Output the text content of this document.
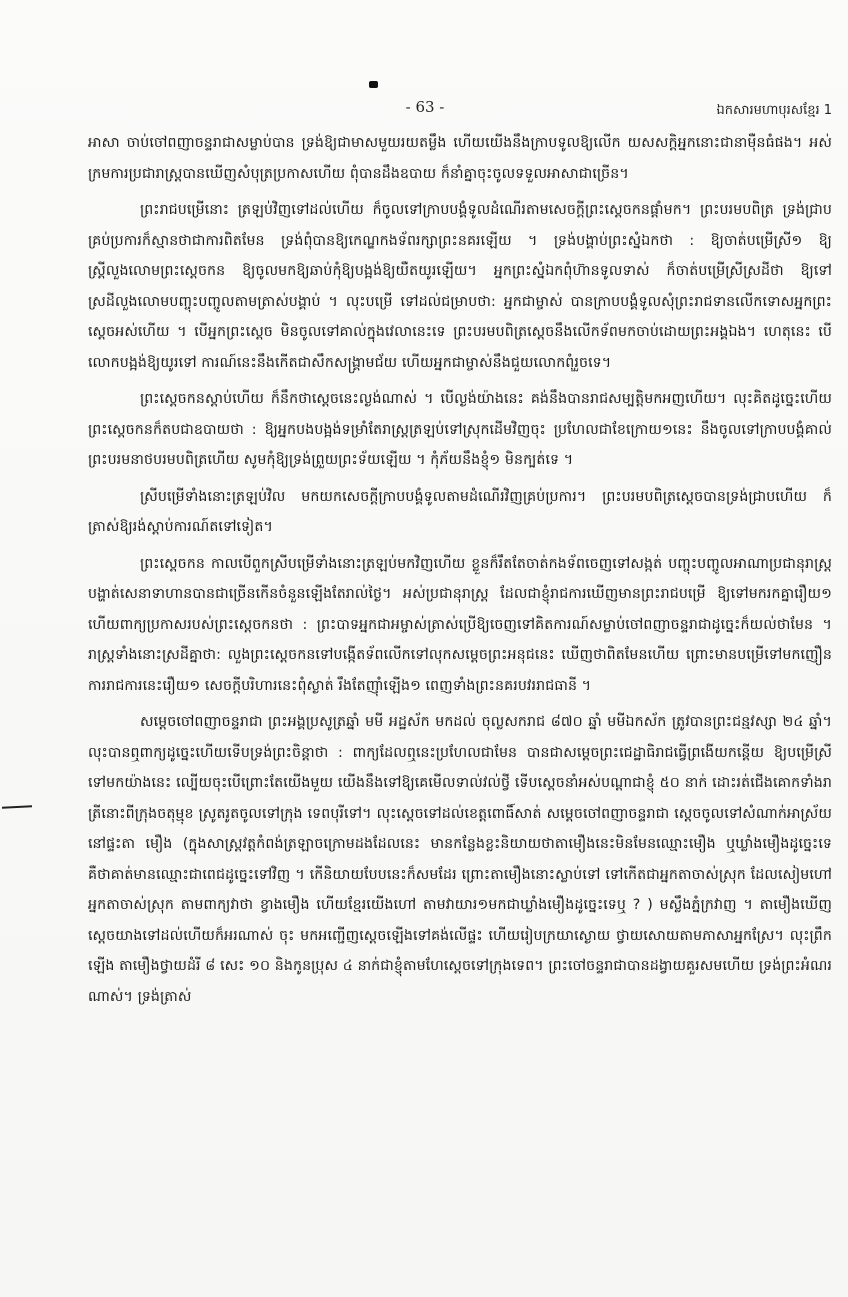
- 63 -	ឯកសារមហាបុរសខ្មែរ 1

អាសា ចាប់ចៅពញាចន្ទរាជាសម្លាប់បាន ទ្រង់ឱ្យជាមាសមួយរយតម្លឹង ហើយយើងនឹងក្រាបទូលឱ្យលើក យសសក្តិអ្នកនោះជានាម៉ឺនធំផង។ អស់ក្រមការប្រជារាស្ត្របានឃើញសំបុត្រប្រកាសហើយ ពុំបានដឹងឧបាយ ក៏នាំគ្នាចុះចូលទទួលអាសាជាច្រើន។

ព្រះរាជបម្រើនោះ ត្រឡប់វិញទៅដល់ហើយ ក៏ចូលទៅក្រាបបង្គំទូលដំណើរតាមសេចក្តីព្រះស្តេចកនផ្តាំមក។ ព្រះបរមបពិត្រ ទ្រង់ជ្រាបគ្រប់ប្រការក៏ស្មានថាជាការពិតមែន ទ្រង់ពុំបានឱ្យកេណ្ឌកងទ័ពរក្សាព្រះនគរឡើយ ។ ទ្រង់បង្គាប់ព្រះស្នំឯកថា : ឱ្យចាត់បម្រើស្រី១ ឱ្យស្ត្រីលួងលោមព្រះស្តេចកន ឱ្យចូលមកឱ្យឆាប់កុំឱ្យបង្អង់ឱ្យយឺតយូរឡើយ។ អ្នកព្រះស្នំឯកពុំហ៊ានទូលទាស់ ក៏ចាត់បម្រើស្រីស្រដីថា ឱ្យទៅស្រដីលួងលោមបញ្ចុះបញ្ចូលតាមត្រាស់បង្គាប់ ។ លុះបម្រើ ទៅដល់ជម្រាបថា: អ្នកជាម្ចាស់ បានក្រាបបង្គំទូលសុំព្រះរាជទានលើកទោសអ្នកព្រះស្តេចអស់ហើយ ។ បើអ្នកព្រះស្តេច មិនចូលទៅគាល់ក្នុងវេលានេះទេ ព្រះបរមបពិត្រស្តេចនឹងលើកទ័ពមកចាប់ដោយព្រះអង្គឯង។ ហេតុនេះ បើលោកបង្អង់ឱ្យយូរទៅ ការណ៍នេះនឹងកើតជាសឹកសង្គ្រាមជ័យ ហើយអ្នកជាម្ចាស់នឹងជួយលោកពុំរួចទេ។

ព្រះស្តេចកនស្តាប់ហើយ ក៏នឹកថាស្តេចនេះល្ងង់ណាស់ ។ បើល្ងង់យ៉ាងនេះ គង់នឹងបានរាជសម្បត្តិមកអញហើយ។ លុះគិតដូច្នេះហើយព្រះស្តេចកនក៏តបជាឧបាយថា : ឱ្យអ្នកបងបង្អង់ទម្រាំតែរាស្ត្រត្រឡប់ទៅស្រុកដើមវិញចុះ ប្រហែលជាខែក្រោយ១នេះ នឹងចូលទៅក្រាបបង្គំគាល់ ព្រះបរមនាថបរមបពិត្រហើយ សូមកុំឱ្យទ្រង់ព្រួយព្រះទ័យឡើយ ។ កុំភ័យនឹងខ្ញុំ១ មិនក្បត់ទេ ។

ស្រីបម្រើទាំងនោះត្រឡប់វិល មកយកសេចក្តីក្រាបបង្គំទូលតាមដំណើរវិញគ្រប់ប្រការ។ ព្រះបរមបពិត្រស្តេចបានទ្រង់ជ្រាបហើយ ក៏ត្រាស់ឱ្យរង់ស្តាប់ការណ៍តទៅទៀត។

ព្រះស្តេចកន កាលបើពួកស្រីបម្រើទាំងនោះត្រឡប់មកវិញហើយ ខ្លួនក៏រឹតតែចាត់កងទ័ពចេញទៅសង្កត់ បញ្ចុះបញ្ចូលអាណាប្រជានុរាស្ត្រ បង្ហាត់សេនាទាហានបានជាច្រើនកើនចំនួនឡើងតែរាល់ថ្ងៃ។ អស់ប្រជានុរាស្ត្រ ដែលជាខ្ញុំរាជការឃើញមានព្រះរាជបម្រើ ឱ្យទៅមករកគ្នារឿយ១ ហើយពាក្យប្រកាសរបស់ព្រះស្តេចកនថា : ព្រះបាទអ្នកជាអម្ចាស់ត្រាស់ប្រើឱ្យចេញទៅគិតការណ៍សម្លាប់ចៅពញាចន្ទរាជាដូច្នេះក៏យល់ថាមែន ។ រាស្ត្រទាំងនោះស្រដីគ្នាថា: លួងព្រះស្តេចកនទៅបង្កើតទ័ពលើកទៅលុកសម្តេចព្រះអនុជនេះ ឃើញថាពិតមែនហើយ ព្រោះមានបម្រើទៅមកញឿនការរាជការនេះរឿយ១ សេចក្តីបរិហារនេះពុំស្ងាត់ រឹងតែញុាំឡើង១ ពេញទាំងព្រះនគរបវររាជធានី ។

សម្តេចចៅពញាចន្ទរាជា ព្រះអង្គប្រសូត្រឆ្នាំ មមី អដ្ឋស័ក មកដល់ ចុល្លសករាជ ៨៧០ ឆ្នាំ មមីឯកស័ក ត្រូវបានព្រះជន្មវស្សា ២៤ ឆ្នាំ។ លុះបានឮពាក្យដូច្នេះហើយទើបទ្រង់ព្រះចិន្តាថា : ពាក្យដែលឮនេះប្រហែលជាមែន បានជាសម្តេចព្រះជេដ្ឋាធិរាជធ្វើព្រងើយកន្តើយ ឱ្យបម្រើស្រីទៅមកយ៉ាងនេះ ល្បើយចុះបើព្រោះតែយើងមួយ យើងនឹងទៅឱ្យគេមើលទាល់វល់ថ្វី ទើបស្តេចនាំអស់បណ្តាជាខ្ញុំ ៥០ នាក់ ដោះរត់ជើងគោកទាំងរាត្រីនោះពីក្រុងចតុម្មុខ ស្រូតរូតចូលទៅក្រុង ទេពបុរីទៅ។ លុះស្តេចទៅដល់ខេត្តពោធិ៍សាត់ សម្តេចចៅពញាចន្ទរាជា ស្តេចចូលទៅសំណាក់អាស្រ័យនៅផ្ទះតា មឿង (ក្នុងសាស្ត្រវត្តកំពង់ត្រឡាចក្រោមដងដែលនេះ មានកន្លែងខ្លះនិយាយថាតាមឿងនេះមិនមែនឈ្មោះមឿង ឬឃ្លាំងមឿងដូច្នេះទេ គឺថាគាត់មានឈ្មោះជាពេជដូច្នេះទៅវិញ ។ កើនិយាយបែបនេះក៏សមដែរ ព្រោះតាមឿងនោះស្លាប់ទៅ ទៅកើតជាអ្នកតាចាស់ស្រុក ដែលសៀមហៅអ្នកតាចាស់ស្រុក តាមពាក្យវាថា ខ្វាងមឿង ហើយខ្មែរយើងហៅ តាមវាយារ១មកជាឃ្លាំងមឿងដូច្នេះទេឬ ? ) មស្លឹងភ្នំក្រវាញ ។ តាមឿងឃើញស្តេចយាងទៅដល់ហើយក៏អរណាស់ ចុះ មកអញ្ជើញស្តេចឡើងទៅគង់លើផ្ទះ ហើយរៀបក្រយាស្ងោយ ថ្វាយសោយតាមភាសាអ្នកស្រែ។ លុះព្រឹកឡើង តាមឿងថ្វាយដំរី ៨ សេះ ១០ និងកូនប្រុស ៤ នាក់ជាខ្ញុំតាមហែស្តេចទៅក្រុងទេព។ ព្រះចៅចន្ទរាជាបានដង្វាយគួរសមហើយ ទ្រង់ព្រះអំណរណាស់។ ទ្រង់ត្រាស់
